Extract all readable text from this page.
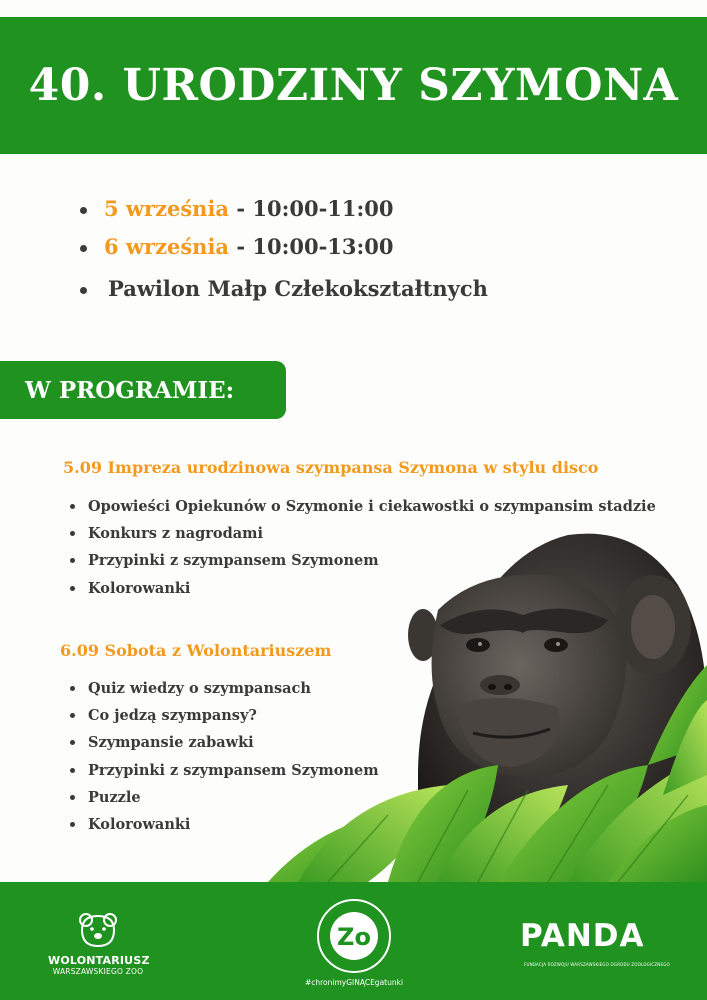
40. URODZINY SZYMONA
5 września - 10:00-11:00
6 września - 10:00-13:00
Pawilon Małp Człekokształtnych
W PROGRAMIE:

5.09 Impreza urodzinowa szympansa Szymona w stylu disco

Opowieści Opiekunów o Szymonie i ciekawostki o szympansim stadzie
Konkurs z nagrodami
Przypinki z szympansem Szymonem
Kolorowanki

6.09 Sobota z Wolontariuszem

Quiz wiedzy o szympansach
Co jedzą szympansy?
Szympansie zabawki
Przypinki z szympansem Szymonem
Puzzle
Kolorowanki
WOLONTARIUSZ
WARSZAWSKIEGO ZOO
Zo
#chronimyGINĄCEgatunki
PANDA
FUNDACJA ROZWOJU WARSZAWSKIEGO OGRODU ZOOLOGICZNEGO
